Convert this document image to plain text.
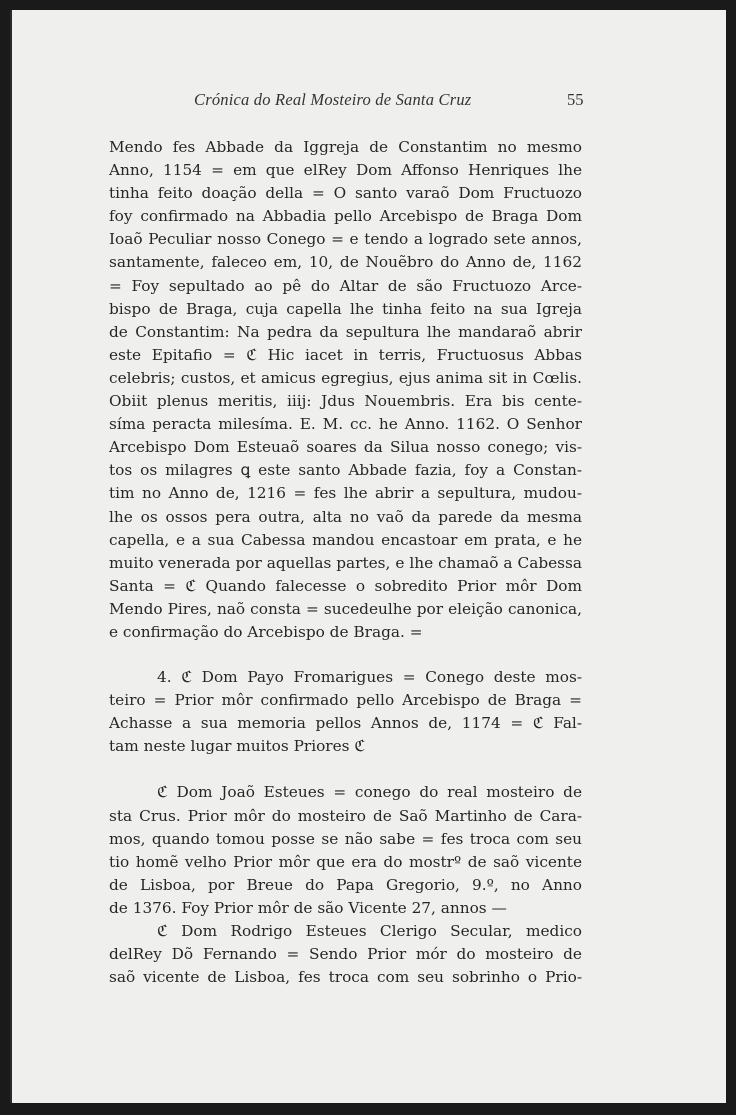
Crónica do Real Mosteiro de Santa Cruz	55
Mendo fes Abbade da Iggreja de Constantim no mesmo
Anno, 1154 = em que elRey Dom Affonso Henriques lhe
tinha feito doação della = O santo varaõ Dom Fructuozo
foy confirmado na Abbadia pello Arcebispo de Braga Dom
Ioaõ Peculiar nosso Conego = e tendo a logrado sete annos,
santamente, faleceo em, 10, de Nouẽbro do Anno de, 1162
= Foy sepultado ao pê do Altar de são Fructuozo Arce-
bispo de Braga, cuja capella lhe tinha feito na sua Igreja
de Constantim: Na pedra da sepultura lhe mandaraõ abrir
este Epitafio = ℭ Hic iacet in terris, Fructuosus Abbas
celebris; custos, et amicus egregius, ejus anima sit in Cœlis.
Obiit plenus meritis, iiij: Jdus Nouembris. Era bis cente-
síma peracta milesíma. E. M. cc. he Anno. 1162. O Senhor
Arcebispo Dom Esteuaõ soares da Silua nosso conego; vis-
tos os milagres ꝗ este santo Abbade fazia, foy a Constan-
tim no Anno de, 1216 = fes lhe abrir a sepultura, mudou-
lhe os ossos pera outra, alta no vaõ da parede da mesma
capella, e a sua Cabessa mandou encastoar em prata, e he
muito venerada por aquellas partes, e lhe chamaõ a Cabessa
Santa = ℭ Quando falecesse o sobredito Prior môr Dom
Mendo Pires, naõ consta = sucedeulhe por eleição canonica,
e confirmação do Arcebispo de Braga. =
4. ℭ Dom Payo Fromarigues = Conego deste mos-
teiro = Prior môr confirmado pello Arcebispo de Braga =
Achasse a sua memoria pellos Annos de, 1174 = ℭ Fal-
tam neste lugar muitos Priores ℭ
ℭ Dom Joaõ Esteues = conego do real mosteiro de
sta Crus. Prior môr do mosteiro de Saõ Martinho de Cara-
mos, quando tomou posse se não sabe = fes troca com seu
tio homẽ velho Prior môr que era do mostrº de saõ vicente
de Lisboa, por Breue do Papa Gregorio, 9.º, no Anno
de 1376. Foy Prior môr de são Vicente 27, annos —
ℭ Dom Rodrigo Esteues Clerigo Secular, medico
delRey Dõ Fernando = Sendo Prior mór do mosteiro de
saõ vicente de Lisboa, fes troca com seu sobrinho o Prio-
